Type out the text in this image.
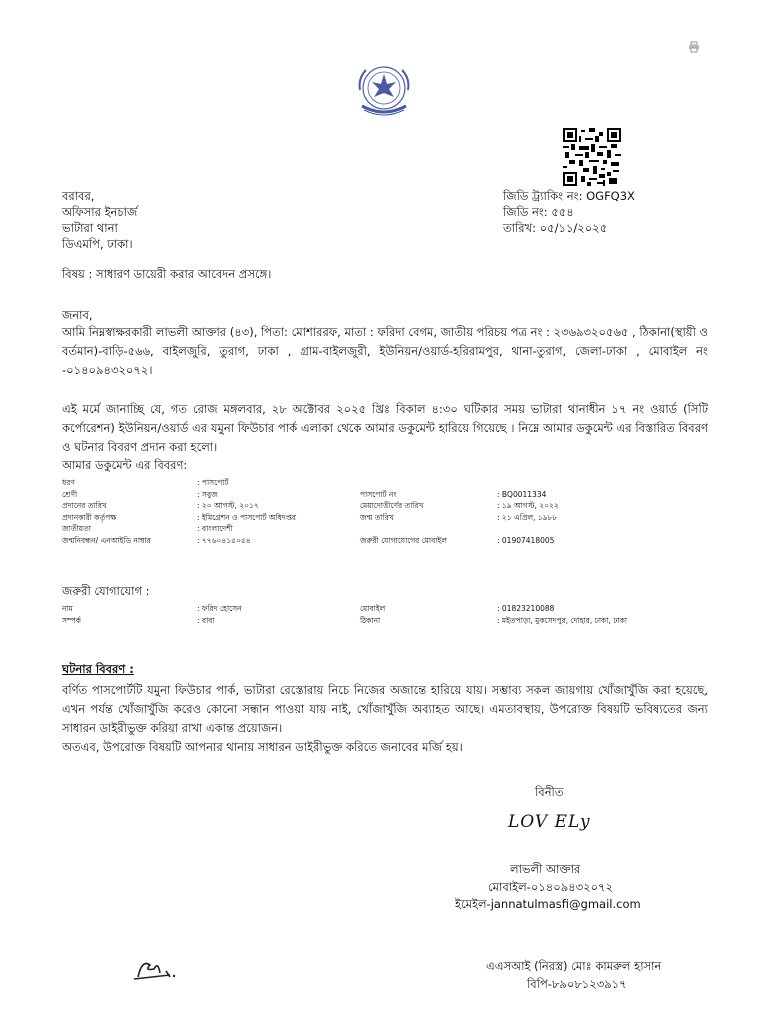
জিডি ট্র্যাকিং নং: OGFQ3X
জিডি নং: ৫৫৪
তারিখ: ০৫/১১/২০২৫
বরাবর,
অফিসার ইনচার্জ
ভাটারা থানা
ডিএমপি, ঢাকা।
বিষয় : সাধারণ ডায়েরী করার আবেদন প্রসঙ্গে।
জনাব,
আমি নিম্নস্বাক্ষরকারী লাভলী আক্তার (৪৩), পিতা: মোশাররফ, মাতা : ফরিদা বেগম, জাতীয় পরিচয় পত্র নং : ২৩৬৯৩২০৫৬৫ , ঠিকানা(স্থায়ী ও বর্তমান)-বাড়ি-৫৬৬, বাইলজুরি, তুরাগ, ঢাকা , গ্রাম-বাইলজুরী, ইউনিয়ন/ওয়ার্ড-হরিরামপুর, থানা-তুরাগ, জেলা-ঢাকা , মোবাইল নং -০১৪০৯৪৩২০৭২।
এই মর্মে জানাচ্ছি যে, গত রোজ মঙ্গলবার, ২৮ অক্টোবর ২০২৫ খ্রিঃ বিকাল ৪:৩০ ঘটিকার সময় ভাটারা থানাধীন ১৭ নং ওয়ার্ড (সিটি কর্পোরেশন) ইউনিয়ন/ওয়ার্ড এর যমুনা ফিউচার পার্ক এলাকা থেকে আমার ডকুমেন্ট হারিয়ে গিয়েছে । নিম্নে আমার ডকুমেন্ট এর বিস্তারিত বিবরণ ও ঘটনার বিবরণ প্রদান করা হলো।
আমার ডকুমেন্ট এর বিবরণ:
ধরণ	: পাসপোর্ট
শ্রেণী	: সবুজ	পাসপোর্ট নং	: BQ0011334
প্রদানের তারিখ	: ২০ আগস্ট, ২০১৭	মেয়াদোত্তীর্ণের তারিখ	: ১৯ আগস্ট, ২০২২
প্রদানকারী কর্তৃপক্ষ	: ইমিগ্রেশন ও পাসপোর্ট অধিদপ্তর	জন্ম তারিখ	: ২১ এপ্রিল, ১৯৮৮
জাতীয়তা	: বাংলাদেশী
জন্মনিবন্ধন/ এনআইডি নাম্বার	: ৭৭৬০৪১৫০৫৪	জরুরী যোগাযোগের মোবাইল	: 01907418005
জরুরী যোগাযোগ :
নাম	: ফরিদ হোসেন	মোবাইল	: 01823210088
সম্পর্ক	: বাবা	ঠিকানা	: মইতপাড়া, মুকসেদপুর, দোহার, ঢাকা, ঢাকা
ঘটনার বিবরণ :
বর্ণিত পাসপোর্টটি যমুনা ফিউচার পার্ক, ভাটারা রেস্তোরায় নিচে নিজের অজান্তে হারিয়ে যায়। সম্ভাব্য সকল জায়গায় খোঁজাখুঁজি করা হয়েছে, এখন পর্যন্ত খোঁজাখুঁজি করেও কোনো সন্ধান পাওয়া যায় নাই, খোঁজাখুঁজি অব্যাহত আছে। এমতাবস্থায়, উপরোক্ত বিষয়টি ভবিষ্যতের জন্য সাধারন ডাইরীভুক্ত করিয়া রাখা একান্ত প্রয়োজন।
অতএব, উপরোক্ত বিষয়টি আপনার থানায় সাধারন ডাইরীভুক্ত করিতে জনাবের মর্জি হয়।
বিনীত
LOV ELy
লাভলী আক্তার
মোবাইল-০১৪০৯৪৩২০৭২
ইমেইল-jannatulmasfi@gmail.com
এএসআই (নিরস্ত্র) মোঃ কামরুল হাসান
বিপি-৮৯০৮১২৩৯১৭
